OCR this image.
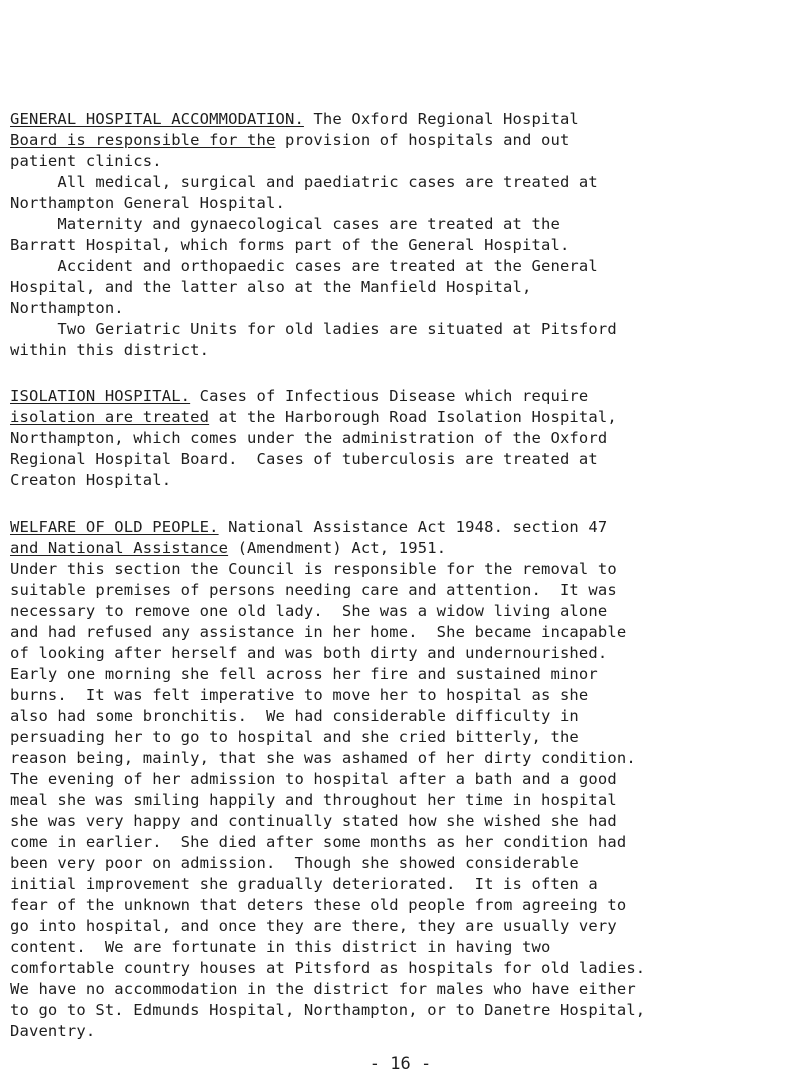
GENERAL HOSPITAL ACCOMMODATION. The Oxford Regional Hospital
Board is responsible for the provision of hospitals and out
patient clinics.
All medical, surgical and paediatric cases are treated at
Northampton General Hospital.
Maternity and gynaecological cases are treated at the
Barratt Hospital, which forms part of the General Hospital.
Accident and orthopaedic cases are treated at the General
Hospital, and the latter also at the Manfield Hospital,
Northampton.
Two Geriatric Units for old ladies are situated at Pitsford
within this district.
ISOLATION HOSPITAL. Cases of Infectious Disease which require
isolation are treated at the Harborough Road Isolation Hospital,
Northampton, which comes under the administration of the Oxford
Regional Hospital Board.  Cases of tuberculosis are treated at
Creaton Hospital.
WELFARE OF OLD PEOPLE. National Assistance Act 1948. section 47
and National Assistance (Amendment) Act, 1951.
Under this section the Council is responsible for the removal to
suitable premises of persons needing care and attention.  It was
necessary to remove one old lady.  She was a widow living alone
and had refused any assistance in her home.  She became incapable
of looking after herself and was both dirty and undernourished.
Early one morning she fell across her fire and sustained minor
burns.  It was felt imperative to move her to hospital as she
also had some bronchitis.  We had considerable difficulty in
persuading her to go to hospital and she cried bitterly, the
reason being, mainly, that she was ashamed of her dirty condition.
The evening of her admission to hospital after a bath and a good
meal she was smiling happily and throughout her time in hospital
she was very happy and continually stated how she wished she had
come in earlier.  She died after some months as her condition had
been very poor on admission.  Though she showed considerable
initial improvement she gradually deteriorated.  It is often a
fear of the unknown that deters these old people from agreeing to
go into hospital, and once they are there, they are usually very
content.  We are fortunate in this district in having two
comfortable country houses at Pitsford as hospitals for old ladies.
We have no accommodation in the district for males who have either
to go to St. Edmunds Hospital, Northampton, or to Danetre Hospital,
Daventry.
- 16 -
